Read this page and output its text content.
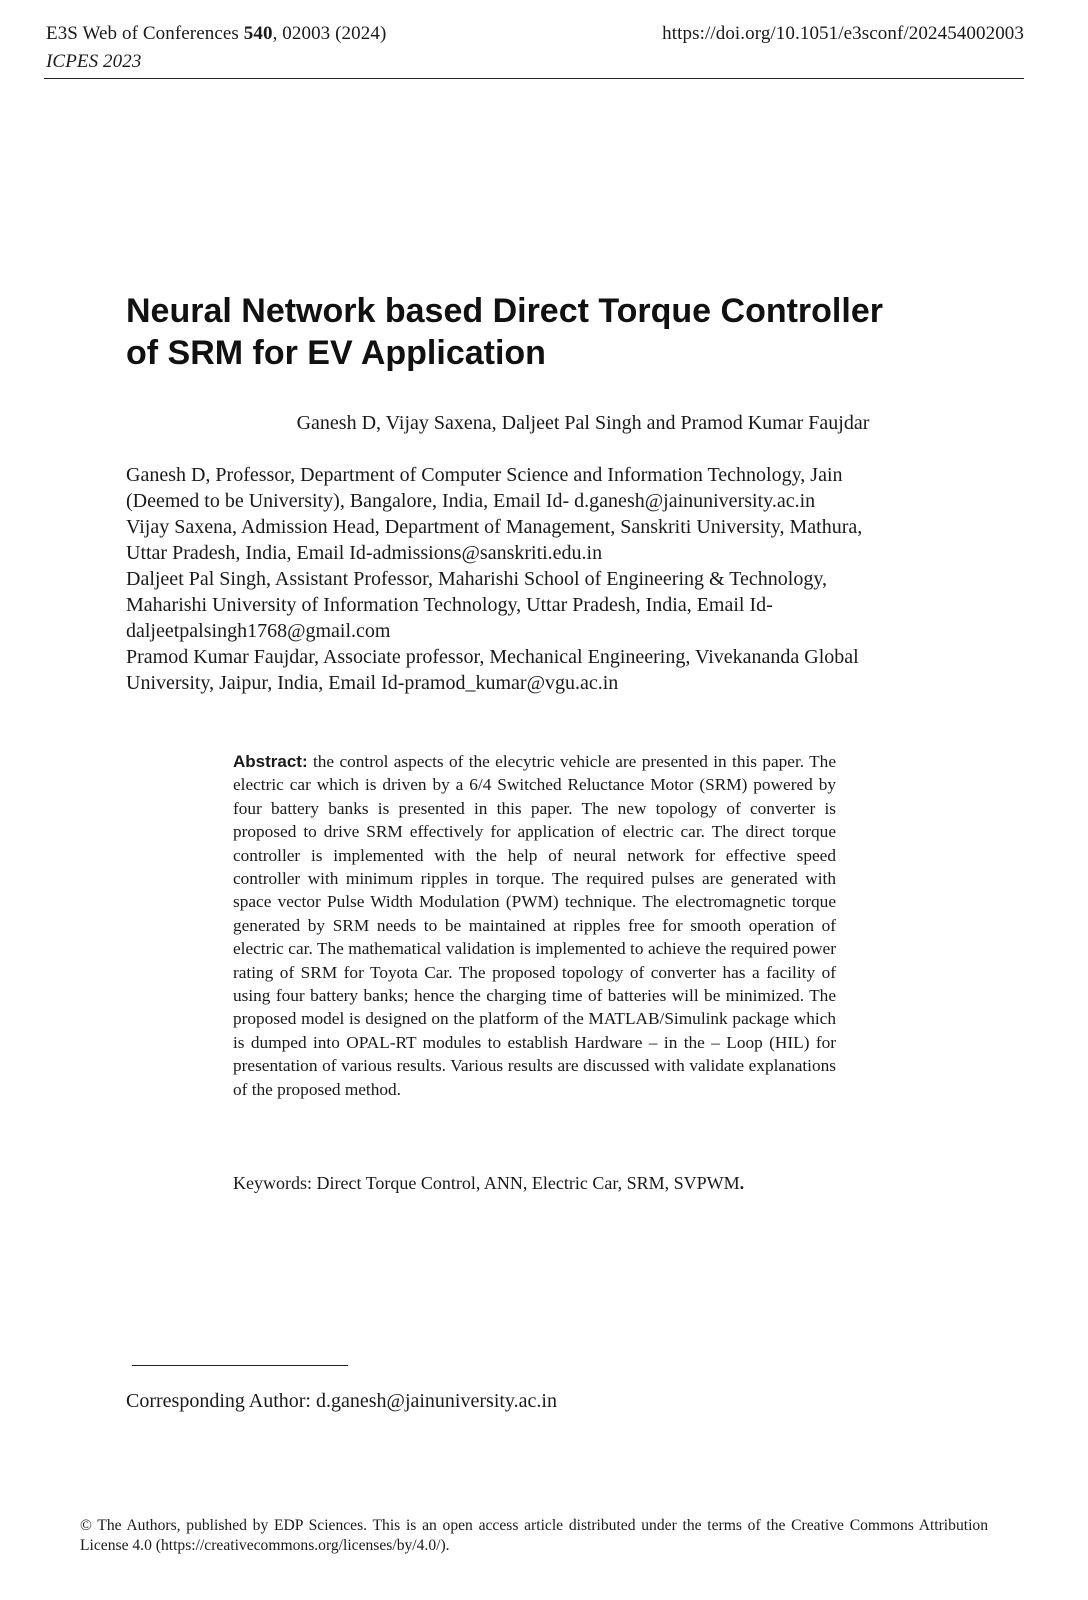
E3S Web of Conferences 540, 02003 (2024)
ICPES 2023
https://doi.org/10.1051/e3sconf/202454002003
Neural Network based Direct Torque Controller
of SRM for EV Application
Ganesh D, Vijay Saxena, Daljeet Pal Singh and Pramod Kumar Faujdar
Ganesh D, Professor, Department of Computer Science and Information Technology, Jain
(Deemed to be University), Bangalore, India, Email Id- d.ganesh@jainuniversity.ac.in
Vijay Saxena, Admission Head, Department of Management, Sanskriti University, Mathura,
Uttar Pradesh, India, Email Id-admissions@sanskriti.edu.in
Daljeet Pal Singh, Assistant Professor, Maharishi School of Engineering & Technology,
Maharishi University of Information Technology, Uttar Pradesh, India, Email Id-
daljeetpalsingh1768@gmail.com
Pramod Kumar Faujdar, Associate professor, Mechanical Engineering, Vivekananda Global
University, Jaipur, India, Email Id-pramod_kumar@vgu.ac.in
Abstract: the control aspects of the elecytric vehicle are presented in this paper. The electric car which is driven by a 6/4 Switched Reluctance Motor (SRM) powered by four battery banks is presented in this paper. The new topology of converter is proposed to drive SRM effectively for application of electric car. The direct torque controller is implemented with the help of neural network for effective speed controller with minimum ripples in torque. The required pulses are generated with space vector Pulse Width Modulation (PWM) technique. The electromagnetic torque generated by SRM needs to be maintained at ripples free for smooth operation of electric car. The mathematical validation is implemented to achieve the required power rating of SRM for Toyota Car. The proposed topology of converter has a facility of using four battery banks; hence the charging time of batteries will be minimized. The proposed model is designed on the platform of the MATLAB/Simulink package which is dumped into OPAL-RT modules to establish Hardware – in the – Loop (HIL) for presentation of various results. Various results are discussed with validate explanations of the proposed method.
Keywords: Direct Torque Control, ANN, Electric Car, SRM, SVPWM.
Corresponding Author: d.ganesh@jainuniversity.ac.in
© The Authors, published by EDP Sciences. This is an open access article distributed under the terms of the Creative Commons Attribution License 4.0 (https://creativecommons.org/licenses/by/4.0/).
